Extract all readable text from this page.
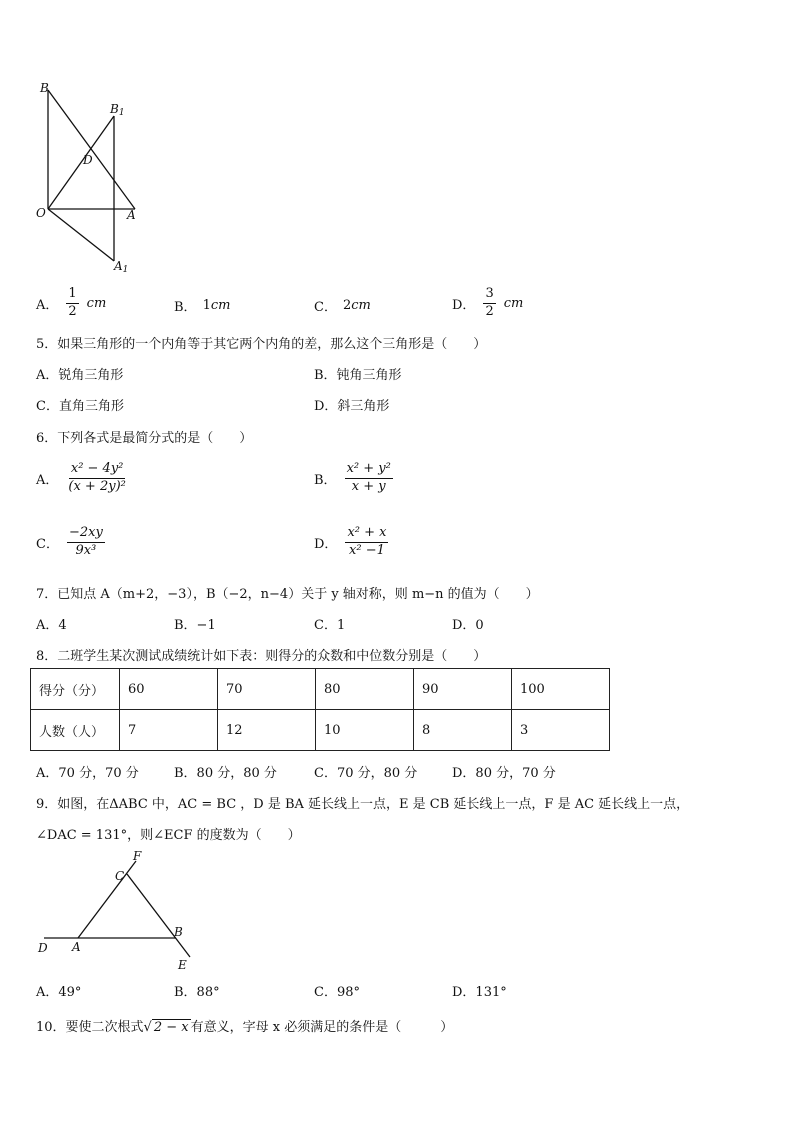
B
B1
D
O	A
A1
A． $\frac{1}{2}$ cm	B． 1cm	C． 2cm	D． $\frac{3}{2}$ cm
5．如果三角形的一个内角等于其它两个内角的差，那么这个三角形是（　　）
A．锐角三角形	B．钝角三角形
C．直角三角形	D．斜三角形
6．下列各式是最简分式的是（　　）
A． $\frac{\text{x² − 4y²}}{\text{(x + 2y)²}}$	B． $\frac{\text{x² + y²}}{x + y}$
C． $\frac{-2xy}{\text{9x³}}$	D． $\frac{\text{x² + x}}{\text{x² −1}}$
7．已知点 A（m+2，−3），B（−2，n−4）关于 y 轴对称，则 m−n 的值为（　　）
A．4	B．−1	C．1	D．0
8．二班学生某次测试成绩统计如下表：则得分的众数和中位数分别是（　　）
得分（分）	60	70	80	90	100
人数（人）	7	12	10	8	3
A．70 分，70 分	B．80 分，80 分	C．70 分，80 分	D．80 分，70 分
9．如图，在ΔABC 中，AC = BC ，D 是 BA 延长线上一点，E 是 CB 延长线上一点，F 是 AC 延长线上一点，
∠DAC = 131°，则∠ECF 的度数为（　　）
F
C
D A
B
E
A．49°	B．88°	C．98°	D．131°
10．要使二次根式√ 2 − x 有意义，字母 x 必须满足的条件是（　　　）
